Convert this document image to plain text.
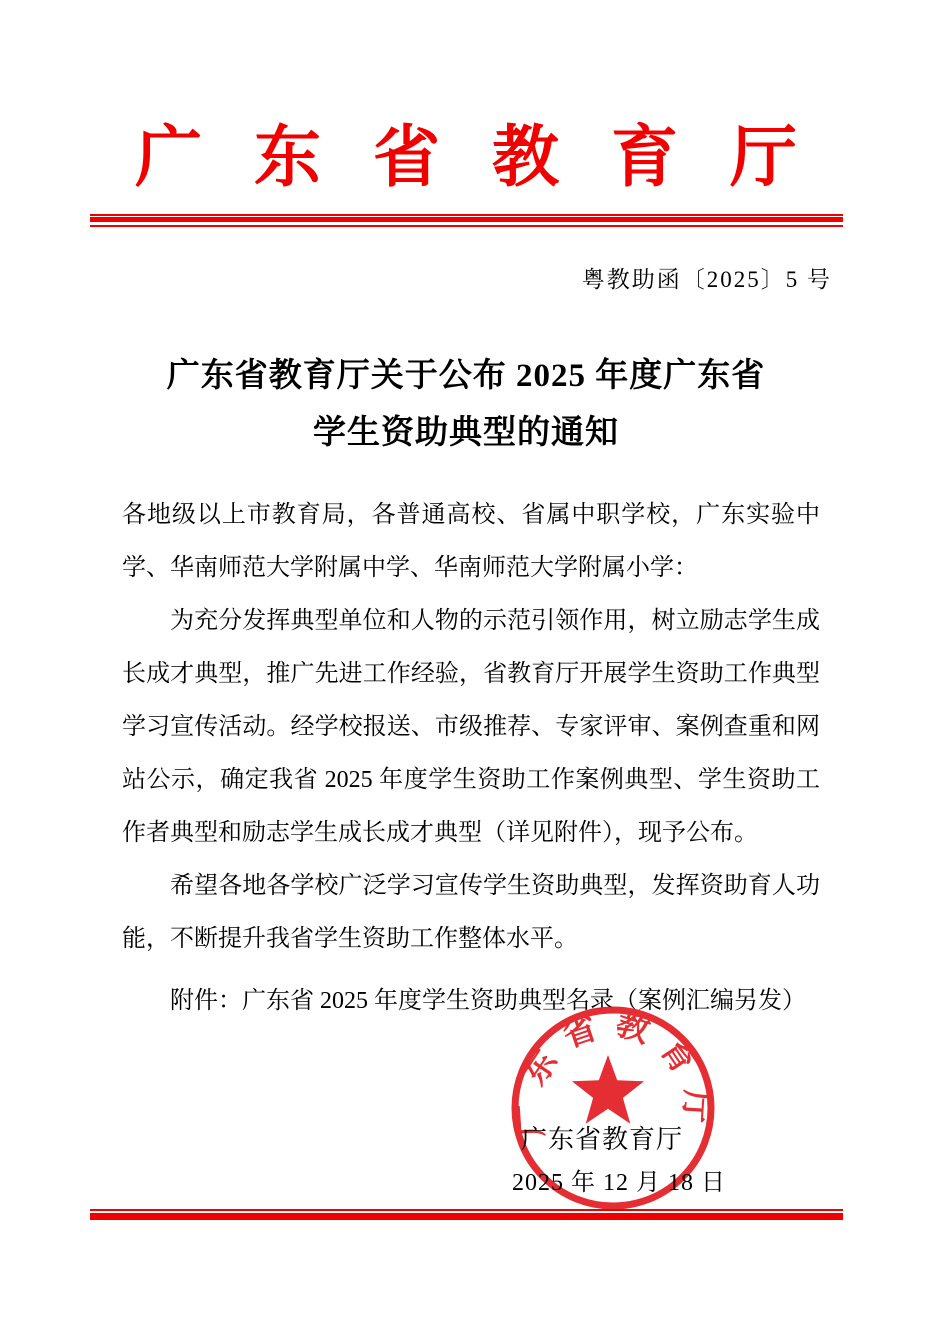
广东省教育厅
粤教助函〔2025〕5 号
广东省教育厅关于公布 2025 年度广东省
学生资助典型的通知

各地级以上市教育局，各普通高校、省属中职学校，广东实验中学、华南师范大学附属中学、华南师范大学附属小学：

为充分发挥典型单位和人物的示范引领作用，树立励志学生成长成才典型，推广先进工作经验，省教育厅开展学生资助工作典型学习宣传活动。经学校报送、市级推荐、专家评审、案例查重和网站公示，确定我省 2025 年度学生资助工作案例典型、学生资助工作者典型和励志学生成长成才典型（详见附件），现予公布。

希望各地各学校广泛学习宣传学生资助典型，发挥资助育人功能，不断提升我省学生资助工作整体水平。

附件：广东省 2025 年度学生资助典型名录（案例汇编另发）
广东省教育厅
广东省教育厅
2025 年 12 月 18 日
